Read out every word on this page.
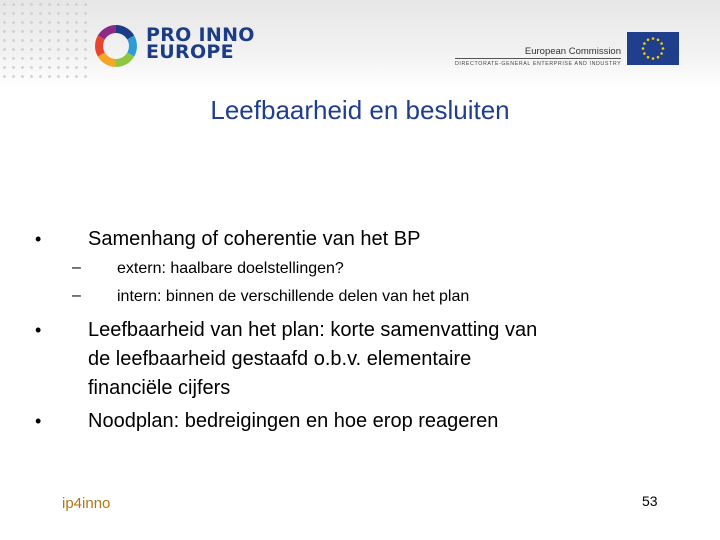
PRO INNO
EUROPE	European Commission
DIRECTORATE-GENERAL ENTERPRISE AND INDUSTRY
Leefbaarheid en besluiten
• Samenhang of coherentie van het BP
– extern: haalbare doelstellingen?
– intern: binnen de verschillende delen van het plan
• Leefbaarheid van het plan: korte samenvatting van
de leefbaarheid gestaafd o.b.v. elementaire
financiële cijfers
• Noodplan: bedreigingen en hoe erop reageren
ip4inno	53
